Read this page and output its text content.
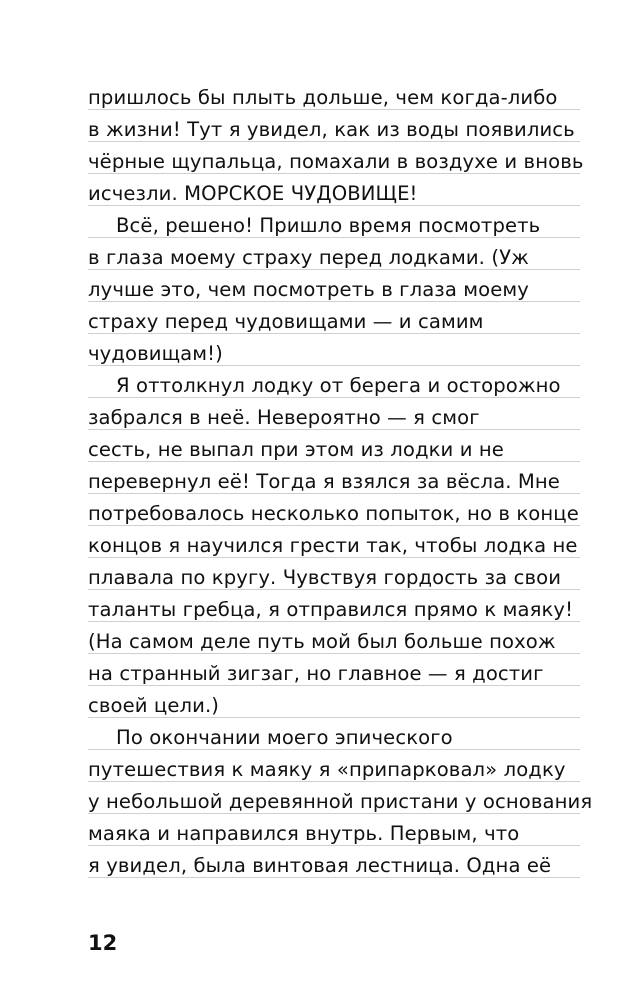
пришлось бы плыть дольше, чем когда-либо
в жизни! Тут я увидел, как из воды появились
чёрные щупальца, помахали в воздухе и вновь
исчезли. МОРСКОЕ ЧУДОВИЩЕ!
Всё, решено! Пришло время посмотреть
в глаза моему страху перед лодками. (Уж
лучше это, чем посмотреть в глаза моему
страху перед чудовищами — и самим
чудовищам!)
Я оттолкнул лодку от берега и осторожно
забрался в неё. Невероятно — я смог
сесть, не выпал при этом из лодки и не
перевернул её! Тогда я взялся за вёсла. Мне
потребовалось несколько попыток, но в конце
концов я научился грести так, чтобы лодка не
плавала по кругу. Чувствуя гордость за свои
таланты гребца, я отправился прямо к маяку!
(На самом деле путь мой был больше похож
на странный зигзаг, но главное — я достиг
своей цели.)
По окончании моего эпического
путешествия к маяку я «припарковал» лодку
у небольшой деревянной пристани у основания
маяка и направился внутрь. Первым, что
я увидел, была винтовая лестница. Одна её
12
